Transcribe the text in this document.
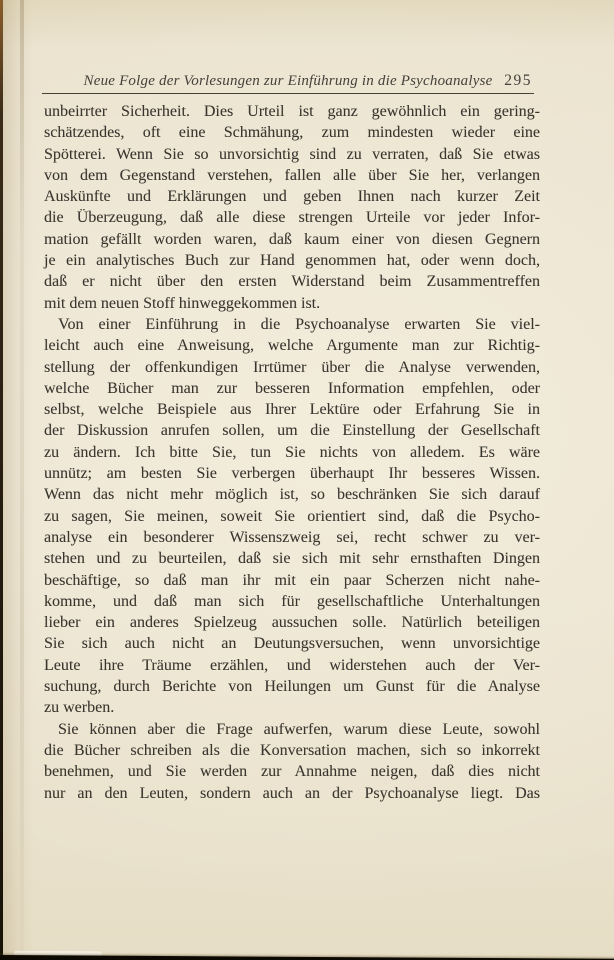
Neue Folge der Vorlesungen zur Einführung in die Psychoanalyse 295
unbeirrter Sicherheit. Dies Urteil ist ganz gewöhnlich ein gering-
schätzendes, oft eine Schmähung, zum mindesten wieder eine
Spötterei. Wenn Sie so unvorsichtig sind zu verraten, daß Sie etwas
von dem Gegenstand verstehen, fallen alle über Sie her, verlangen
Auskünfte und Erklärungen und geben Ihnen nach kurzer Zeit
die Überzeugung, daß alle diese strengen Urteile vor jeder Infor-
mation gefällt worden waren, daß kaum einer von diesen Gegnern
je ein analytisches Buch zur Hand genommen hat, oder wenn doch,
daß er nicht über den ersten Widerstand beim Zusammentreffen
mit dem neuen Stoff hinweggekommen ist.
Von einer Einführung in die Psychoanalyse erwarten Sie viel-
leicht auch eine Anweisung, welche Argumente man zur Richtig-
stellung der offenkundigen Irrtümer über die Analyse verwenden,
welche Bücher man zur besseren Information empfehlen, oder
selbst, welche Beispiele aus Ihrer Lektüre oder Erfahrung Sie in
der Diskussion anrufen sollen, um die Einstellung der Gesellschaft
zu ändern. Ich bitte Sie, tun Sie nichts von alledem. Es wäre
unnütz; am besten Sie verbergen überhaupt Ihr besseres Wissen.
Wenn das nicht mehr möglich ist, so beschränken Sie sich darauf
zu sagen, Sie meinen, soweit Sie orientiert sind, daß die Psycho-
analyse ein besonderer Wissenszweig sei, recht schwer zu ver-
stehen und zu beurteilen, daß sie sich mit sehr ernsthaften Dingen
beschäftige, so daß man ihr mit ein paar Scherzen nicht nahe-
komme, und daß man sich für gesellschaftliche Unterhaltungen
lieber ein anderes Spielzeug aussuchen solle. Natürlich beteiligen
Sie sich auch nicht an Deutungsversuchen, wenn unvorsichtige
Leute ihre Träume erzählen, und widerstehen auch der Ver-
suchung, durch Berichte von Heilungen um Gunst für die Analyse
zu werben.
Sie können aber die Frage aufwerfen, warum diese Leute, sowohl
die Bücher schreiben als die Konversation machen, sich so inkorrekt
benehmen, und Sie werden zur Annahme neigen, daß dies nicht
nur an den Leuten, sondern auch an der Psychoanalyse liegt. Das
